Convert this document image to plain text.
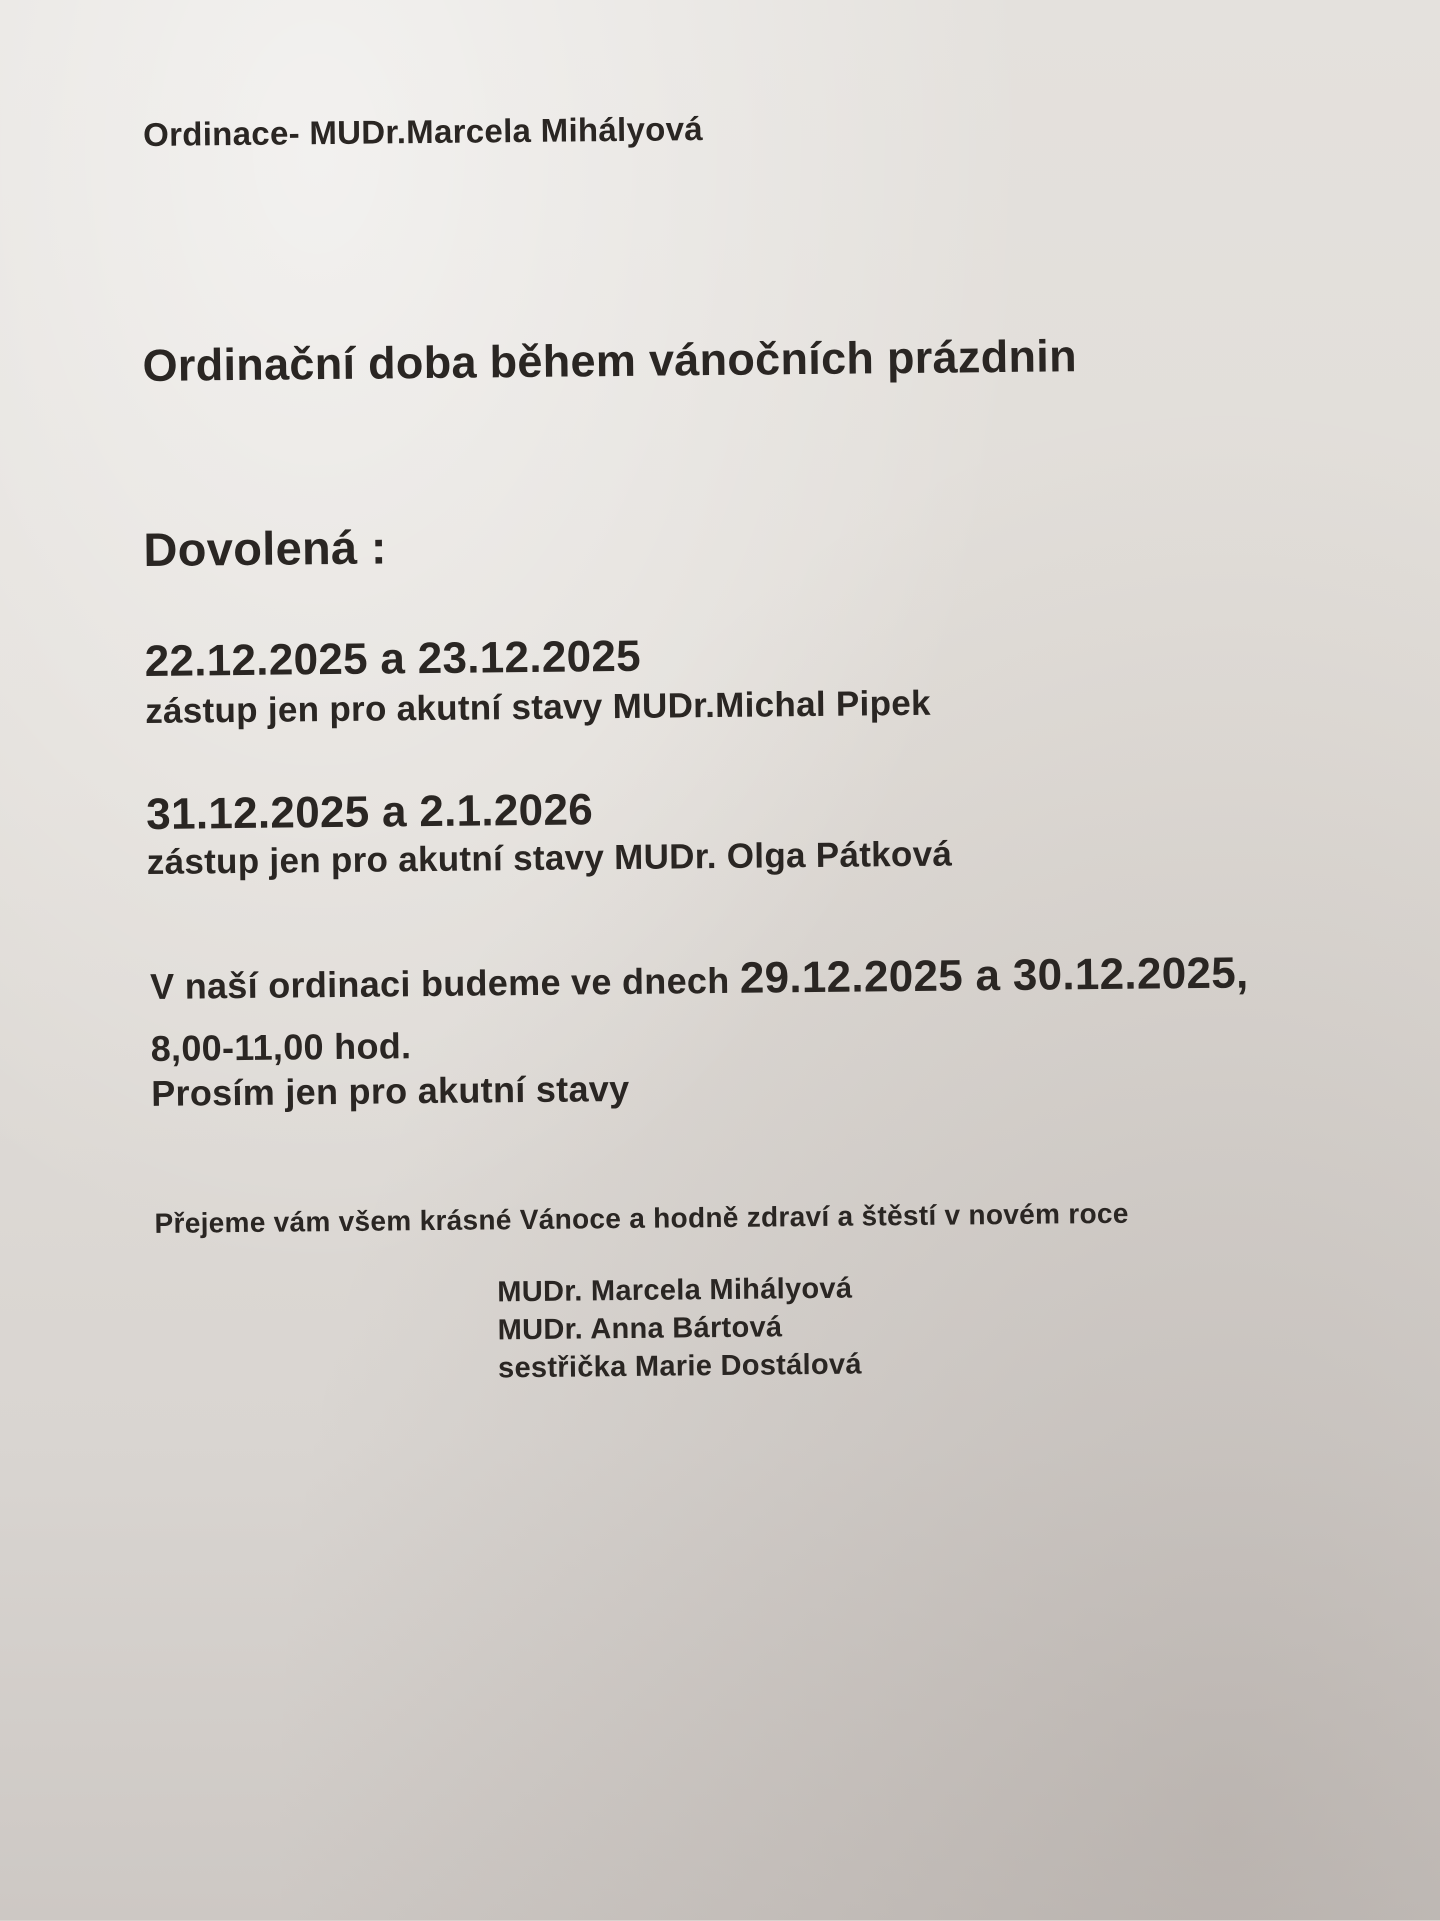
Ordinace- MUDr.Marcela Mihályová
Ordinační doba během vánočních prázdnin
Dovolená :
22.12.2025 a 23.12.2025
zástup jen pro akutní stavy MUDr.Michal Pipek
31.12.2025 a 2.1.2026
zástup jen pro akutní stavy MUDr. Olga Pátková
V naší ordinaci budeme ve dnech 29.12.2025 a 30.12.2025,
8,00-11,00 hod.
Prosím jen pro akutní stavy
Přejeme vám všem krásné Vánoce a hodně zdraví a štěstí v novém roce
MUDr. Marcela Mihályová
MUDr. Anna Bártová
sestřička Marie Dostálová
